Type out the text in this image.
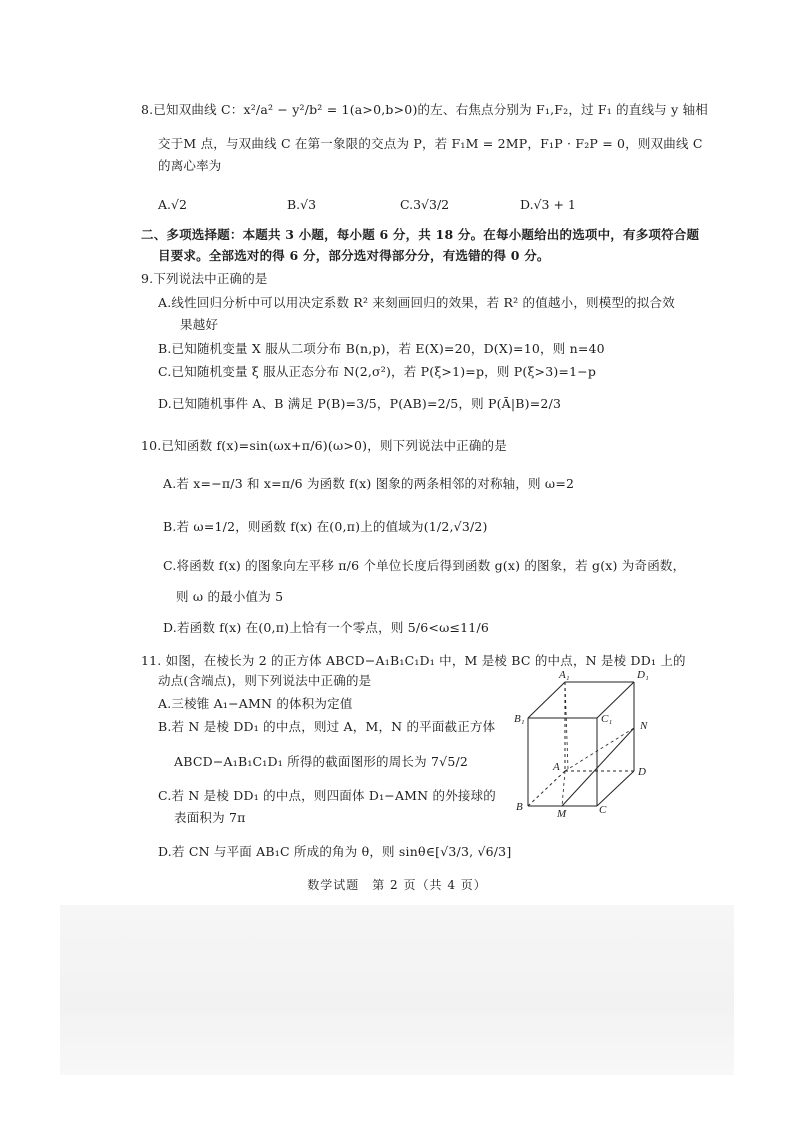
8.已知双曲线 C：x²/a² − y²/b² = 1(a>0,b>0)的左、右焦点分别为 F₁,F₂，过 F₁ 的直线与 y 轴相
交于M 点，与双曲线 C 在第一象限的交点为 P，若 F₁M = 2MP，F₁P · F₂P = 0，则双曲线 C
的离心率为
A.√2	B.√3	C.3√3/2	D.√3 + 1
二、多项选择题：本题共 3 小题，每小题 6 分，共 18 分。在每小题给出的选项中，有多项符合题
目要求。全部选对的得 6 分，部分选对得部分分，有选错的得 0 分。
9.下列说法中正确的是
A.线性回归分析中可以用决定系数 R² 来刻画回归的效果，若 R² 的值越小，则模型的拟合效
果越好
B.已知随机变量 X 服从二项分布 B(n,p)，若 E(X)=20，D(X)=10，则 n=40
C.已知随机变量 ξ 服从正态分布 N(2,σ²)，若 P(ξ>1)=p，则 P(ξ>3)=1−p
D.已知随机事件 A、B 满足 P(B)=3/5，P(AB)=2/5，则 P(Ā|B)=2/3
10.已知函数 f(x)=sin(ωx+π/6)(ω>0)，则下列说法中正确的是
A.若 x=−π/3 和 x=π/6 为函数 f(x) 图象的两条相邻的对称轴，则 ω=2
B.若 ω=1/2，则函数 f(x) 在(0,π)上的值域为(1/2,√3/2)
C.将函数 f(x) 的图象向左平移 π/6 个单位长度后得到函数 g(x) 的图象，若 g(x) 为奇函数，
则 ω 的最小值为 5
D.若函数 f(x) 在(0,π)上恰有一个零点，则 5/6<ω≤11/6
11. 如图，在棱长为 2 的正方体 ABCD−A₁B₁C₁D₁ 中，M 是棱 BC 的中点，N 是棱 DD₁ 上的
动点(含端点)，则下列说法中正确的是
A.三棱锥 A₁−AMN 的体积为定值
B.若 N 是棱 DD₁ 的中点，则过 A，M，N 的平面截正方体
ABCD−A₁B₁C₁D₁ 所得的截面图形的周长为 7√5/2
C.若 N 是棱 DD₁ 的中点，则四面体 D₁−AMN 的外接球的
表面积为 7π
D.若 CN 与平面 AB₁C 所成的角为 θ，则 sinθ∈[√3/3, √6/3]
A₁	D₁
B₁	C₁
N
A	D
B
M	C
数学试题　第 2 页（共 4 页）
